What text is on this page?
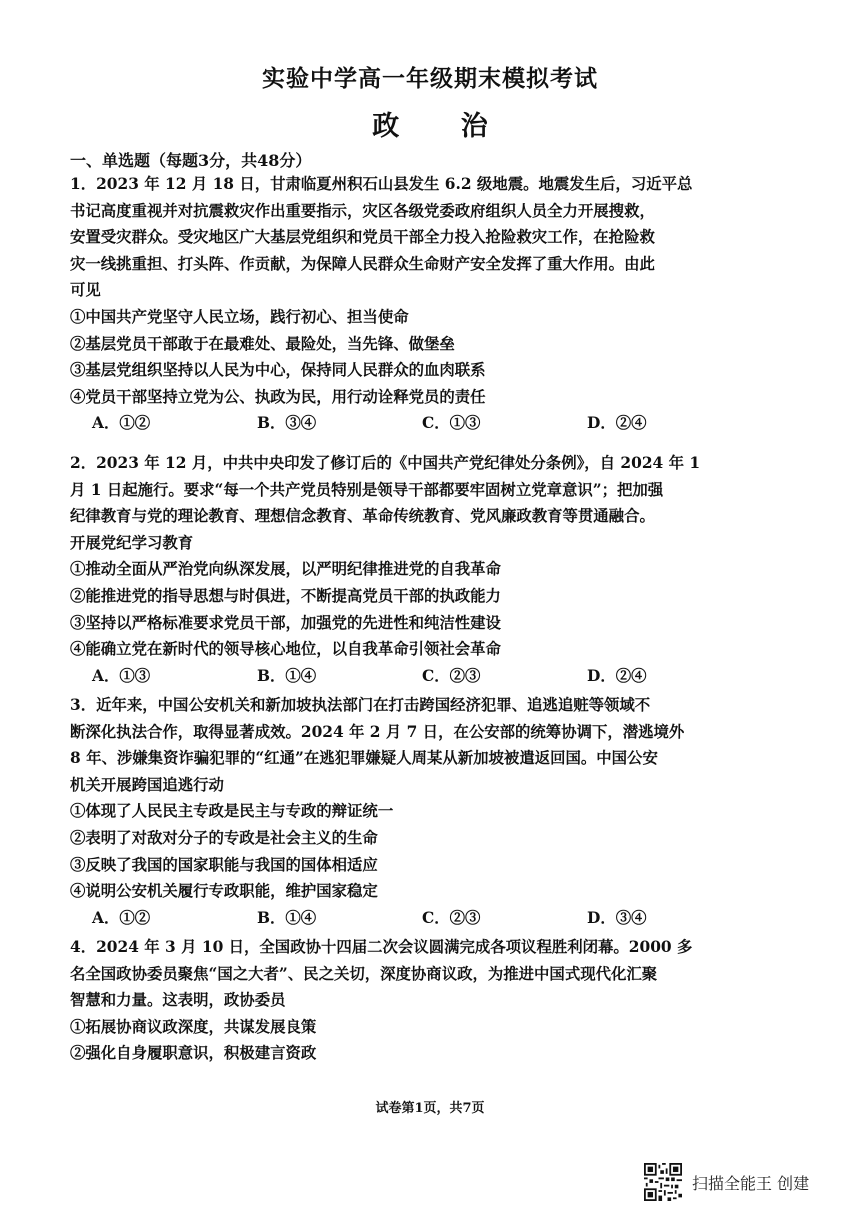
实验中学高一年级期末模拟考试
政 治
一、单选题（每题3分，共48分）
1．2023 年 12 月 18 日，甘肃临夏州积石山县发生 6.2 级地震。地震发生后，习近平总
书记高度重视并对抗震救灾作出重要指示，灾区各级党委政府组织人员全力开展搜救，
安置受灾群众。受灾地区广大基层党组织和党员干部全力投入抢险救灾工作，在抢险救
灾一线挑重担、打头阵、作贡献，为保障人民群众生命财产安全发挥了重大作用。由此
可见
①中国共产党坚守人民立场，践行初心、担当使命
②基层党员干部敢于在最难处、最险处，当先锋、做堡垒
③基层党组织坚持以人民为中心，保持同人民群众的血肉联系
④党员干部坚持立党为公、执政为民，用行动诠释党员的责任
A．①②	B．③④	C．①③	D．②④
2．2023 年 12 月，中共中央印发了修订后的《中国共产党纪律处分条例》，自 2024 年 1
月 1 日起施行。要求“每一个共产党员特别是领导干部都要牢固树立党章意识”；把加强
纪律教育与党的理论教育、理想信念教育、革命传统教育、党风廉政教育等贯通融合。
开展党纪学习教育
①推动全面从严治党向纵深发展，以严明纪律推进党的自我革命
②能推进党的指导思想与时俱进，不断提高党员干部的执政能力
③坚持以严格标准要求党员干部，加强党的先进性和纯洁性建设
④能确立党在新时代的领导核心地位，以自我革命引领社会革命
A．①③	B．①④	C．②③	D．②④
3．近年来，中国公安机关和新加坡执法部门在打击跨国经济犯罪、追逃追赃等领域不
断深化执法合作，取得显著成效。2024 年 2 月 7 日，在公安部的统筹协调下，潜逃境外
8 年、涉嫌集资诈骗犯罪的“红通”在逃犯罪嫌疑人周某从新加坡被遣返回国。中国公安
机关开展跨国追逃行动
①体现了人民民主专政是民主与专政的辩证统一
②表明了对敌对分子的专政是社会主义的生命
③反映了我国的国家职能与我国的国体相适应
④说明公安机关履行专政职能，维护国家稳定
A．①②	B．①④	C．②③	D．③④
4．2024 年 3 月 10 日，全国政协十四届二次会议圆满完成各项议程胜利闭幕。2000 多
名全国政协委员聚焦“国之大者”、民之关切，深度协商议政，为推进中国式现代化汇聚
智慧和力量。这表明，政协委员
①拓展协商议政深度，共谋发展良策
②强化自身履职意识，积极建言资政
试卷第1页，共7页
扫描全能王 创建
